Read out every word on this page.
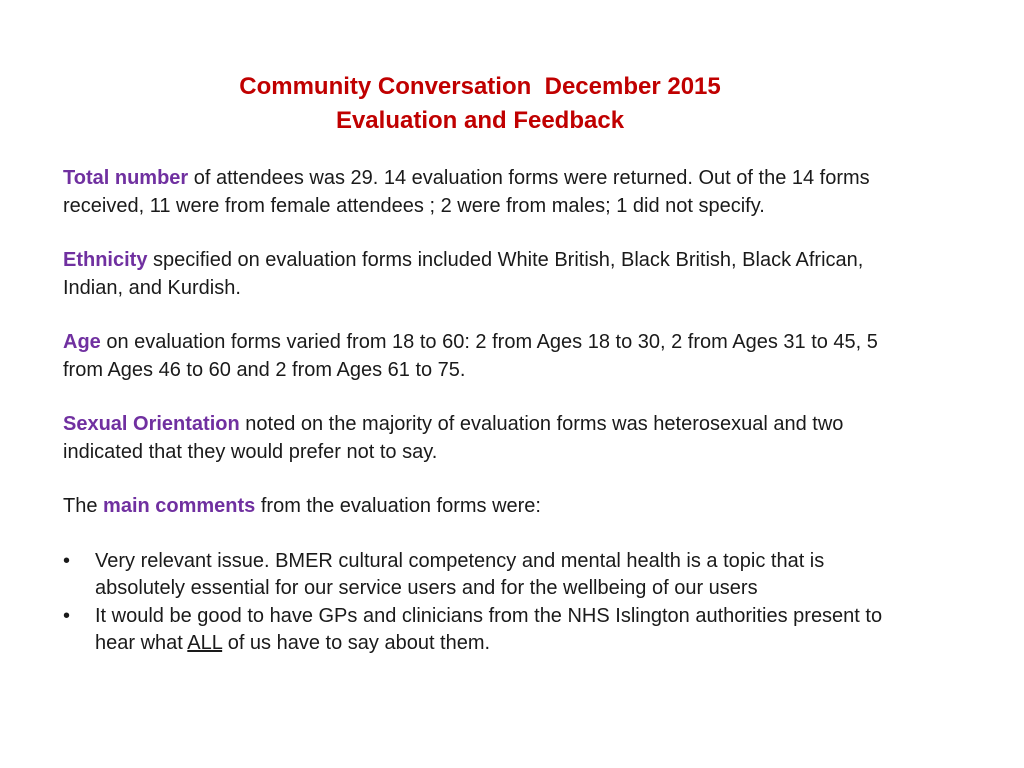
Community Conversation  December 2015
Evaluation and Feedback

Total number of attendees was 29. 14 evaluation forms were returned. Out of the 14 forms received, 11 were from female attendees ; 2 were from males; 1 did not specify.

Ethnicity specified on evaluation forms included White British, Black British, Black African, Indian, and Kurdish.

Age on evaluation forms varied from 18 to 60: 2 from Ages 18 to 30, 2 from Ages 31 to 45, 5 from Ages 46 to 60 and 2 from Ages 61 to 75.

Sexual Orientation noted on the majority of evaluation forms was heterosexual and two indicated that they would prefer not to say.

The main comments from the evaluation forms were:

• Very relevant issue. BMER cultural competency and mental health is a topic that is absolutely essential for our service users and for the wellbeing of our users
• It would be good to have GPs and clinicians from the NHS Islington authorities present to hear what ALL of us have to say about them.
